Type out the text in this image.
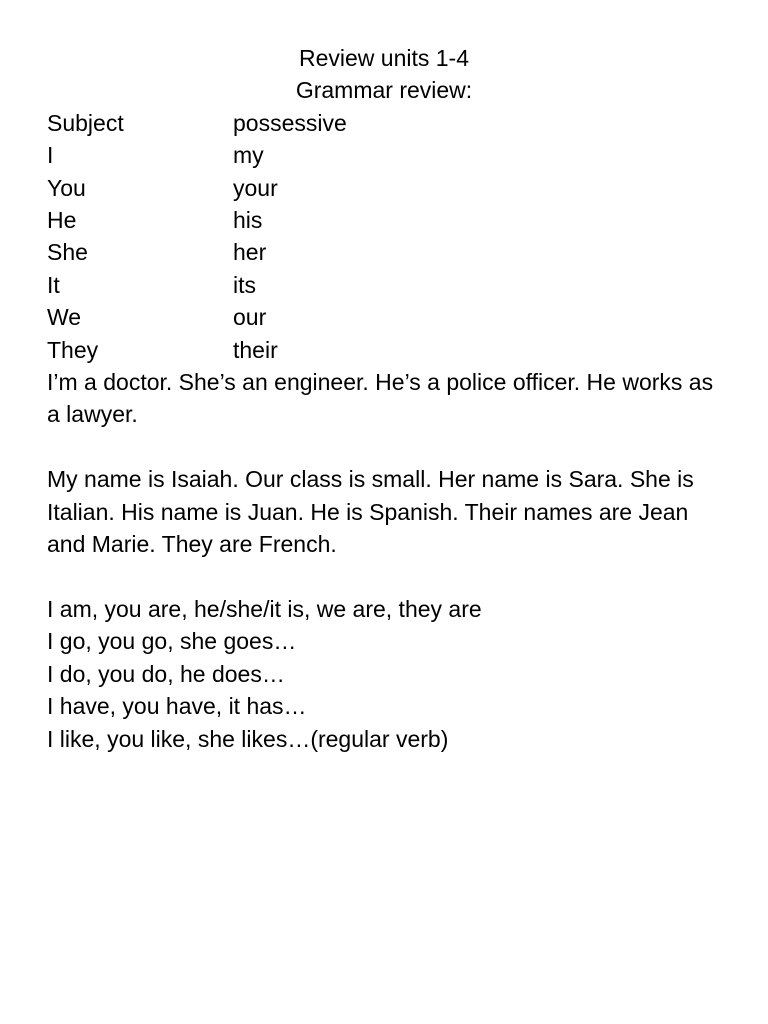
Review units 1-4
Grammar review:
Subject	possessive
I	my
You	your
He	his
She	her
It	its
We	our
They	their

I’m a doctor. She’s an engineer. He’s a police officer. He works as a lawyer.

My name is Isaiah. Our class is small. Her name is Sara. She is Italian. His name is Juan. He is Spanish. Their names are Jean and Marie. They are French.

I am, you are, he/she/it is, we are, they are
I go, you go, she goes…
I do, you do, he does…
I have, you have, it has…
I like, you like, she likes…(regular verb)
